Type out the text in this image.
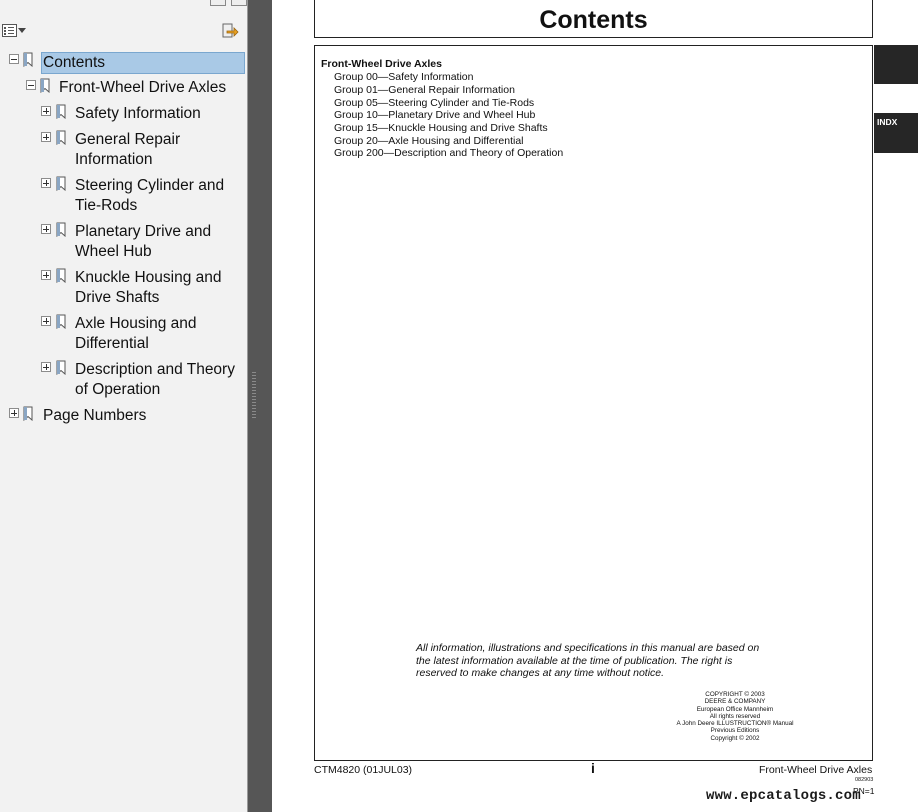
Contents
Front-Wheel Drive Axles
Safety Information
General Repair
Information
Steering Cylinder and
Tie-Rods
Planetary Drive and
Wheel Hub
Knuckle Housing and
Drive Shafts
Axle Housing and
Differential
Description and Theory
of Operation
Page Numbers
Contents
Front-Wheel Drive Axles
Group 00—Safety Information
Group 01—General Repair Information
Group 05—Steering Cylinder and Tie-Rods
Group 10—Planetary Drive and Wheel Hub
Group 15—Knuckle Housing and Drive Shafts
Group 20—Axle Housing and Differential
Group 200—Description and Theory of Operation
All information, illustrations and specifications in this manual are based on the latest information available at the time of publication. The right is reserved to make changes at any time without notice.
COPYRIGHT © 2003
DEERE & COMPANY
European Office Mannheim
All rights reserved
A John Deere ILLUSTRUCTION® Manual
Previous Editions
Copyright © 2002
INDX
CTM4820 (01JUL03)	i	Front-Wheel Drive Axles
082903
PN=1
www.epcatalogs.com
